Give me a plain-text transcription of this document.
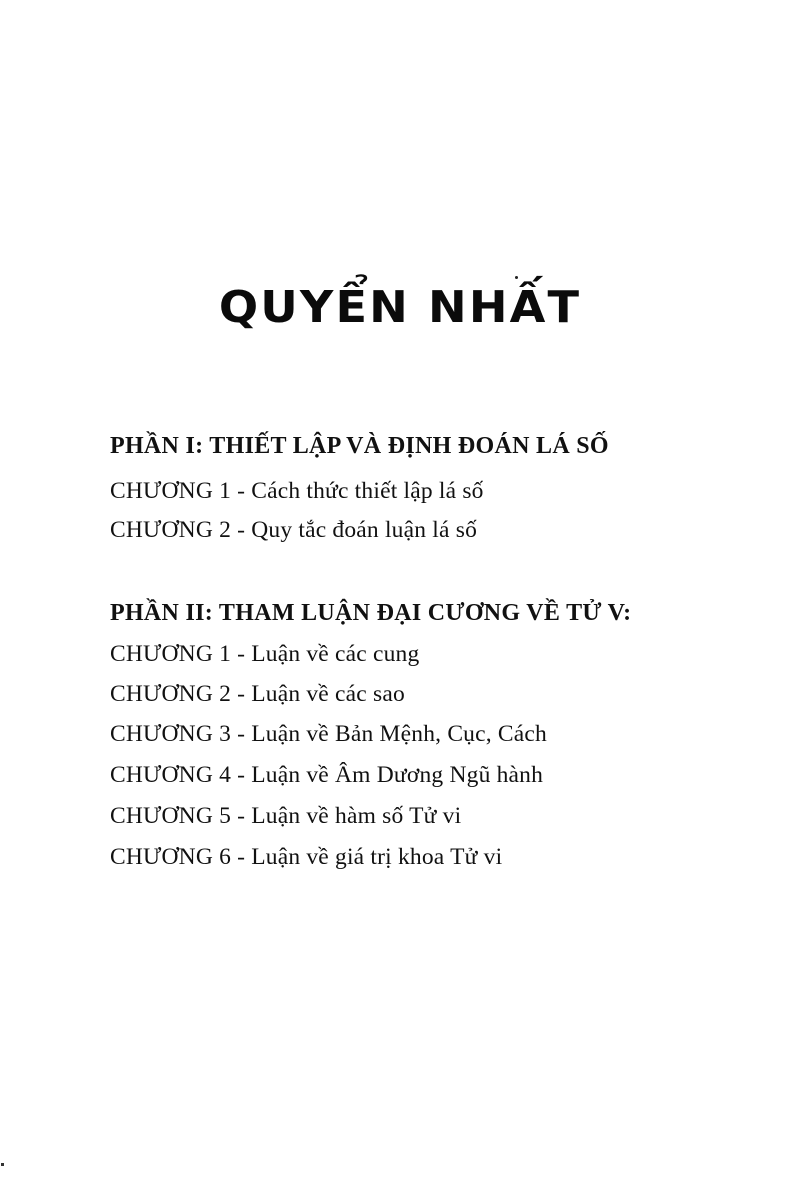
QUYỂN NHẤT
PHẦN I: THIẾT LẬP VÀ ĐỊNH ĐOÁN LÁ SỐ

CHƯƠNG 1 - Cách thức thiết lập lá số

CHƯƠNG 2 - Quy tắc đoán luận lá số

PHẦN II: THAM LUẬN ĐẠI CƯƠNG VỀ TỬ V:

CHƯƠNG 1 - Luận về các cung

CHƯƠNG 2 - Luận về các sao

CHƯƠNG 3 - Luận về Bản Mệnh, Cục, Cách

CHƯƠNG 4 - Luận về Âm Dương Ngũ hành

CHƯƠNG 5 - Luận về hàm số Tử vi

CHƯƠNG 6 - Luận về giá trị khoa Tử vi
